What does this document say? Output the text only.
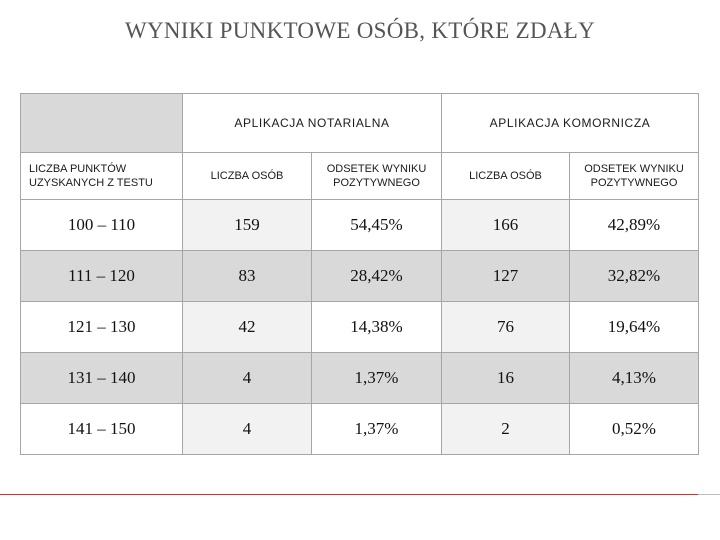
WYNIKI PUNKTOWE OSÓB, KTÓRE ZDAŁY
	APLIKACJA NOTARIALNA		APLIKACJA KOMORNICZA	
LICZBA PUNKTÓW UZYSKANYCH Z TESTU	LICZBA OSÓB	ODSETEK WYNIKU POZYTYWNEGO	LICZBA OSÓB	ODSETEK WYNIKU POZYTYWNEGO
100 – 110	159	54,45%	166	42,89%
111 – 120	83	28,42%	127	32,82%
121 – 130	42	14,38%	76	19,64%
131 – 140	4	1,37%	16	4,13%
141 – 150	4	1,37%	2	0,52%
